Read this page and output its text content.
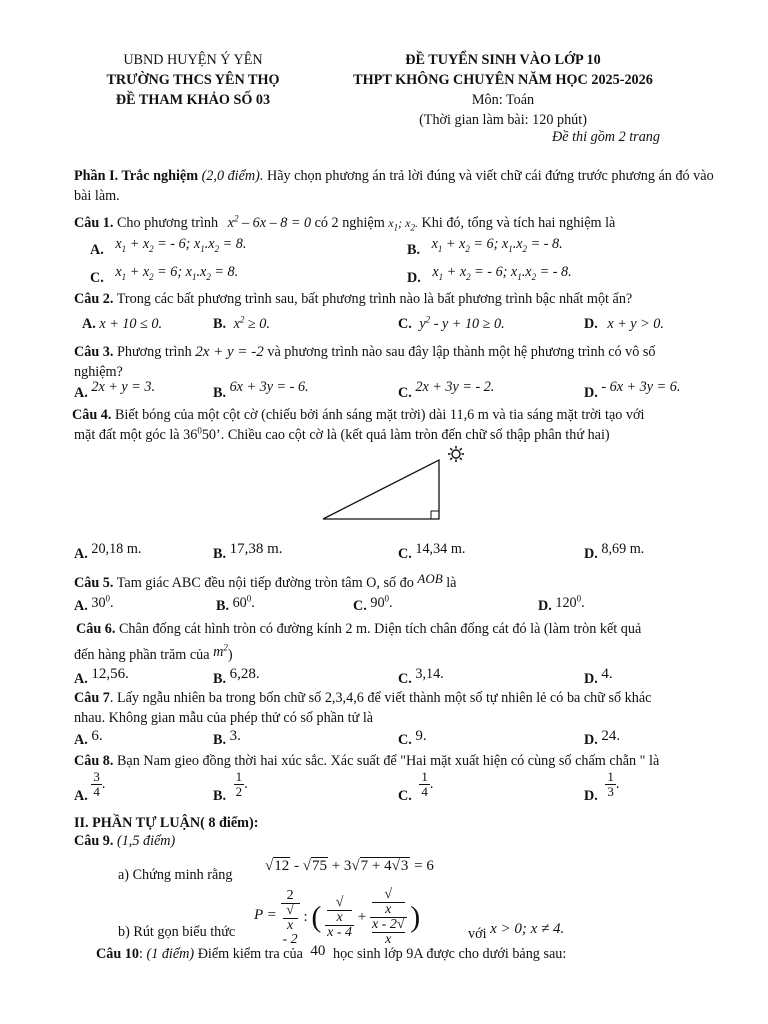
UBND HUYỆN Ý YÊN
TRƯỜNG THCS YÊN THỌ
ĐỀ THAM KHẢO SỐ 03
ĐỀ TUYỂN SINH VÀO LỚP 10
THPT KHÔNG CHUYÊN NĂM HỌC 2025-2026
Môn: Toán
(Thời gian làm bài: 120 phút)
Đề thi gồm 2 trang
Phần I. Trắc nghiệm (2,0 điểm). Hãy chọn phương án trả lời đúng và viết chữ cái đứng trước phương án đó vào bài làm.
Câu 1. Cho phương trình $x^2 - 6x - 8 = 0$ có 2 nghiệm $x_1$; $x_2$. Khi đó, tổng và tích hai nghiệm là
A. $x_1 + x_2$ = - 6; $x_1.x_2 = 8$.	B. $x_1 + x_2 = 6$; $x_1.x_2$ = - 8.
C. $x_1 + x_2 = 6$; $x_1.x_2 = 8$.	D. $x_1 + x_2$ = - 6; $x_1.x_2$ = - 8.
Câu 2. Trong các bất phương trình sau, bất phương trình nào là bất phương trình bậc nhất một ẩn?
A. x + 10 ≤ 0.	B. $x^2 \ge 0$.	C. $y^2 - y + 10 \ge 0$.	D. x + y > 0.
Câu 3. Phương trình 2x + y = -2 và phương trình nào sau đây lập thành một hệ phương trình có vô số
nghiệm?
A. 2x + y = 3.	B. 6x + 3y = - 6.	C. 2x + 3y = - 2.	D. - 6x + 3y = 6.
Câu 4. Biết bóng của một cột cờ (chiếu bởi ánh sáng mặt trời) dài 11,6 m và tia sáng mặt trời tạo với
mặt đất một góc là $36^050$’. Chiều cao cột cờ là (kết quả làm tròn đến chữ số thập phân thứ hai)
A. 20,18 m.	B. 17,38 m.	C. 14,34 m.	D. 8,69 m.
Câu 5. Tam giác ABC đều nội tiếp đường tròn tâm O, số đo AOB là
A. $30^0$.	B. $60^0$.	C. $90^0$.	D. $120^0$.
Câu 6. Chân đống cát hình tròn có đường kính 2 m. Diện tích chân đống cát đó là (làm tròn kết quả
đến hàng phần trăm của $m^2$)
A. 12,56.	B. 6,28.	C. 3,14.	D. 4.
Câu 7. Lấy ngẫu nhiên ba trong bốn chữ số 2,3,4,6 để viết thành một số tự nhiên lẻ có ba chữ số khác
nhau. Không gian mẫu của phép thử có số phần tử là
A. 6.	B. 3.	C. 9.	D. 24.
Câu 8. Bạn Nam gieo đồng thời hai xúc sắc. Xác suất để "Hai mặt xuất hiện có cùng số chấm chẵn " là
A. $\frac{3}{4}$ .
B. $\frac{1}{2}$ .
C. $\frac{1}{4}$ .
D. $\frac{1}{3}$ .
II. PHẦN TỰ LUẬN( 8 điểm):
Câu 9. (1,5 điểm)
a) Chứng minh rằng
√12 - √75 + 3√7 + 4√3 = 6
b) Rút gọn biểu thức
P = 2
√
x
- 2 : ( √
x
x - 4 + √
x
x - 2√
x )
với x > 0; x ≠ 4.
Câu 10: (1 điểm) Điểm kiểm tra của 40 học sinh lớp 9A được cho dưới bảng sau:
